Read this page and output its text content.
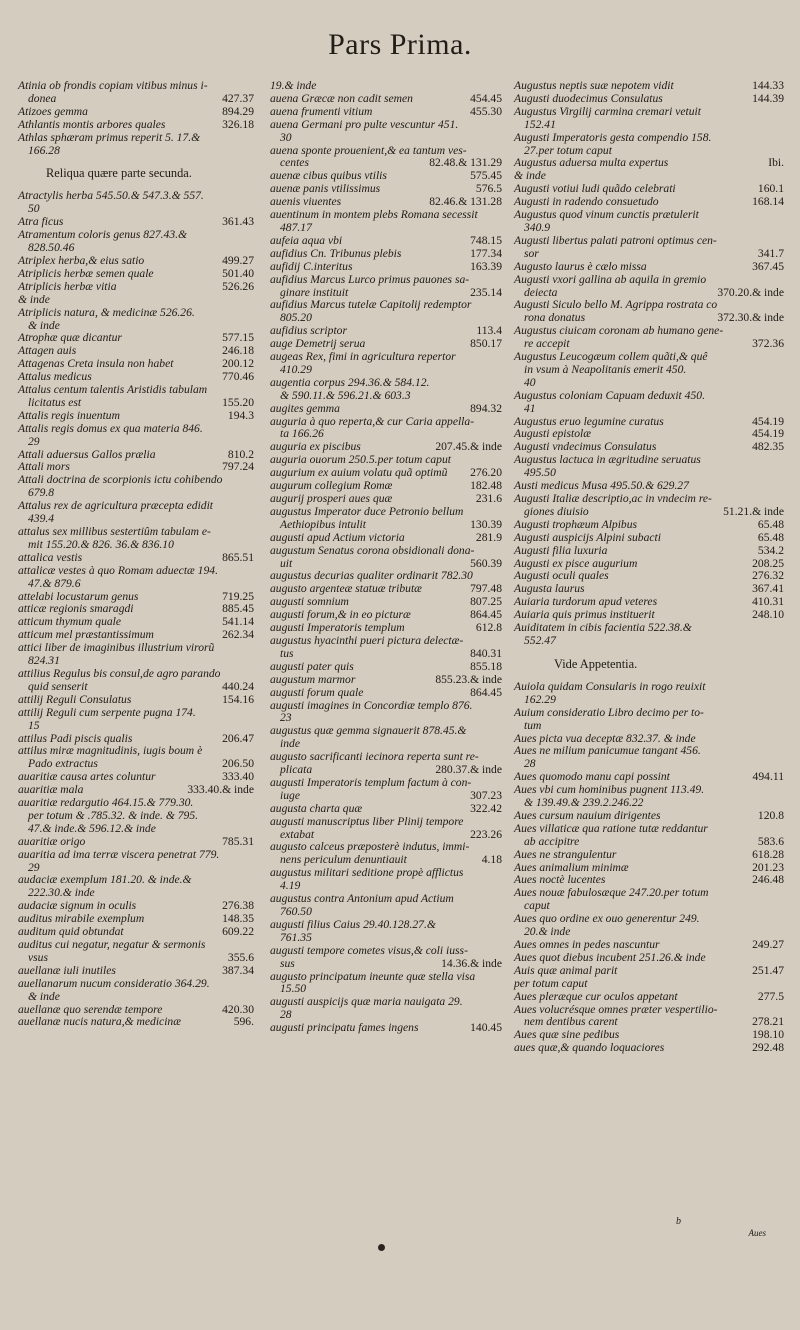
Pars Prima.
Atinia ob frondis copiam vitibus minus i-
donea	427.37
Atizoes gemma	894.29
Athlantis montis arbores quales	326.18
Athlas sphæram primus reperit 5. 17.&
166.28
Reliqua quære parte secunda.
Atractylis herba 545.50.& 547.3.& 557.
50
Atra ficus	361.43
Atramentum coloris genus 827.43.&
828.50.46
Atriplex herba,& eius satio	499.27
Atriplicis herbæ semen quale	501.40
Atriplicis herbæ vitia	526.26
& inde
Atriplicis natura, & medicinæ 526.26.
& inde
Atrophæ quæ dicantur	577.15
Attagen auis	246.18
Attagenas Creta insula non habet	200.12
Attalus medicus	770.46
Attalus centum talentis Aristidis tabulam
licitatus est	155.20
Attalis regis inuentum	194.3
Attalis regis domus ex qua materia 846.
29
Attali aduersus Gallos prælia	810.2
Attali mors	797.24
Attali doctrina de scorpionis ictu cohibendo
679.8
Attalus rex de agricultura præcepta edidit
439.4
attalus sex millibus sestertiûm tabulam e-
mit 155.20.& 826. 36.& 836.10
attalica vestis	865.51
attalicæ vestes à quo Romam aduectæ 194.
47.& 879.6
attelabi locustarum genus	719.25
atticæ regionis smaragdi	885.45
atticum thymum quale	541.14
atticum mel præstantissimum	262.34
attici liber de imaginibus illustrium virorũ
824.31
attilius Regulus bis consul,de agro parando
quid senserit	440.24
attilij Reguli Consulatus	154.16
attilij Reguli cum serpente pugna 174.
15
attilus Padi piscis qualis	206.47
attilus miræ magnitudinis, iugis boum è
Pado extractus	206.50
auaritiæ causa artes coluntur	333.40
auaritiæ mala	333.40.& inde
auaritiæ redargutio 464.15.& 779.30.
per totum & .785.32. & inde. & 795.
47.& inde.& 596.12.& inde
auaritiæ origo	785.31
auaritia ad ima terræ viscera penetrat 779.
29
audaciæ exemplum 181.20. & inde.&
222.30.& inde
audaciæ signum in oculis	276.38
auditus mirabile exemplum	148.35
auditum quid obtundat	609.22
auditus cui negatur, negatur & sermonis
vsus	355.6
auellanæ iuli inutiles	387.34
auellanarum nucum consideratio 364.29.
& inde
auellanæ quo serendæ tempore	420.30
auellanæ nucis natura,& medicinæ	596.
19.& inde
auena Græcæ non cadit semen	454.45
auena frumenti vitium	455.30
auena Germani pro pulte vescuntur 451.
30
auena sponte prouenient,& ea tantum ves-
centes	82.48.& 131.29
auenæ cibus quibus vtilis	575.45
auenæ panis vtilissimus	576.5
auenis viuentes	82.46.& 131.28
auentinum in montem plebs Romana secessit
487.17
aufeia aqua vbi	748.15
aufidius Cn. Tribunus plebis	177.34
aufidij C.interitus	163.39
aufidius Marcus Lurco primus pauones sa-
ginare instituit	235.14
aufidius Marcus tutelæ Capitolij redemptor
805.20
aufidius scriptor	113.4
auge Demetrij serua	850.17
augeas Rex, fimi in agricultura repertor
410.29
augentia corpus 294.36.& 584.12.
& 590.11.& 596.21.& 603.3
augites gemma	894.32
auguria à quo reperta,& cur Caria appella-
ta 166.26
auguria ex piscibus	207.45.& inde
auguria ouorum 250.5.per totum caput
augurium ex auium volatu quã optimũ 276.20
augurum collegium Romæ	182.48
augurij prosperi aues quæ	231.6
augustus Imperator duce Petronio bellum
Aethiopibus intulit	130.39
augusti apud Actium victoria	281.9
augustum Senatus corona obsidionali dona-
uit	560.39
augustus decurias qualiter ordinarit 782.30
augusto argenteæ statuæ tributæ	797.48
augusti somnium	807.25
augusti forum,& in eo picturæ	864.45
augusti Imperatoris templum	612.8
augustus hyacinthi pueri pictura delectæ-
tus	840.31
augusti pater quis	855.18
augustum marmor	855.23.& inde
augusti forum quale	864.45
augusti imagines in Concordiæ templo 876.
23
augustus quæ gemma signauerit 878.45.&
inde
augusto sacrificanti iecinora reperta sunt re-
plicata	280.37.& inde
augusti Imperatoris templum factum à con-
iuge	307.23
augusta charta quæ	322.42
augusti manuscriptus liber Plinij tempore
extabat	223.26
augusto calceus præposterè indutus, immi-
nens periculum denuntiauit	4.18
augustus militari seditione propè afflictus
4.19
augustus contra Antonium apud Actium
760.50
augusti filius Caius 29.40.128.27.&
761.35
augusti tempore cometes visus,& coli iuss-
sus	14.36.& inde
augusto principatum ineunte quæ stella visa
15.50
augusti auspicijs quæ maria nauigata 29.
28
augusti principatu fames ingens	140.45
Augustus neptis suæ nepotem vidit	144.33
Augusti duodecimus Consulatus	144.39
Augustus Virgilij carmina cremari vetuit
152.41
Augusti Imperatoris gesta compendio 158.
27.per totum caput
Augustus aduersa multa expertus	Ibi.
& inde
Augusti votiui ludi quãdo celebrati	160.1
Augusti in radendo consuetudo	168.14
Augustus quod vinum cunctis prætulerit
340.9
Augusti libertus palati patroni optimus cen-
sor	341.7
Augusto laurus è cælo missa	367.45
Augusti vxori gallina ab aquila in gremio
deiecta	370.20.& inde
Augusti Siculo bello M. Agrippa rostrata co
rona donatus	372.30.& inde
Augustus ciuicam coronam ab humano gene-
re accepit	372.36
Augustus Leucogæum collem quãti,& quê
in vsum à Neapolitanis emerit 450.
40
Augustus coloniam Capuam deduxit 450.
41
Augustus eruo legumine curatus	454.19
Augusti epistolæ	454.19
Augusti vndecimus Consulatus	482.35
Augustus lactuca in ægritudine seruatus
495.50
Austi medicus Musa 495.50.& 629.27
Augusti Italiæ descriptio,ac in vndecim re-
giones diuisio	51.21.& inde
Augusti trophæum Alpibus	65.48
Augusti auspicijs Alpini subacti	65.48
Augusti filia luxuria	534.2
Augusti ex pisce augurium	208.25
Augusti oculi quales	276.32
Augusta laurus	367.41
Auiaria turdorum apud veteres	410.31
Auiaria quis primus instituerit	248.10
Auiditatem in cibis facientia 522.38.&
552.47
Vide Appetentia.
Auiola quidam Consularis in rogo reuixit
162.29
Auium consideratio Libro decimo per to-
tum
Aues picta vua deceptæ 832.37. & inde
Aues ne milium panicumue tangant 456.
28
Aues quomodo manu capi possint	494.11
Aues vbi cum hominibus pugnent 113.49.
& 139.49.& 239.2.246.22
Aues cursum nauium dirigentes	120.8
Aues villaticæ qua ratione tutæ reddantur
ab accipitre	583.6
Aues ne strangulentur	618.28
Aues animalium minimæ	201.23
Aues noctè lucentes	246.48
Aues nouæ fabulosæque 247.20.per totum
caput
Aues quo ordine ex ouo generentur 249.
20.& inde
Aues omnes in pedes nascuntur	249.27
Aues quot diebus incubent 251.26.& inde
Auis quæ animal parit	251.47
per totum caput
Aues pleræque cur oculos appetant	277.5
Aues volucrésque omnes præter vespertilio-
nem dentibus carent	278.21
Aues quæ sine pedibus	198.10
aues quæ,& quando loquaciores	292.48
b
Aues
